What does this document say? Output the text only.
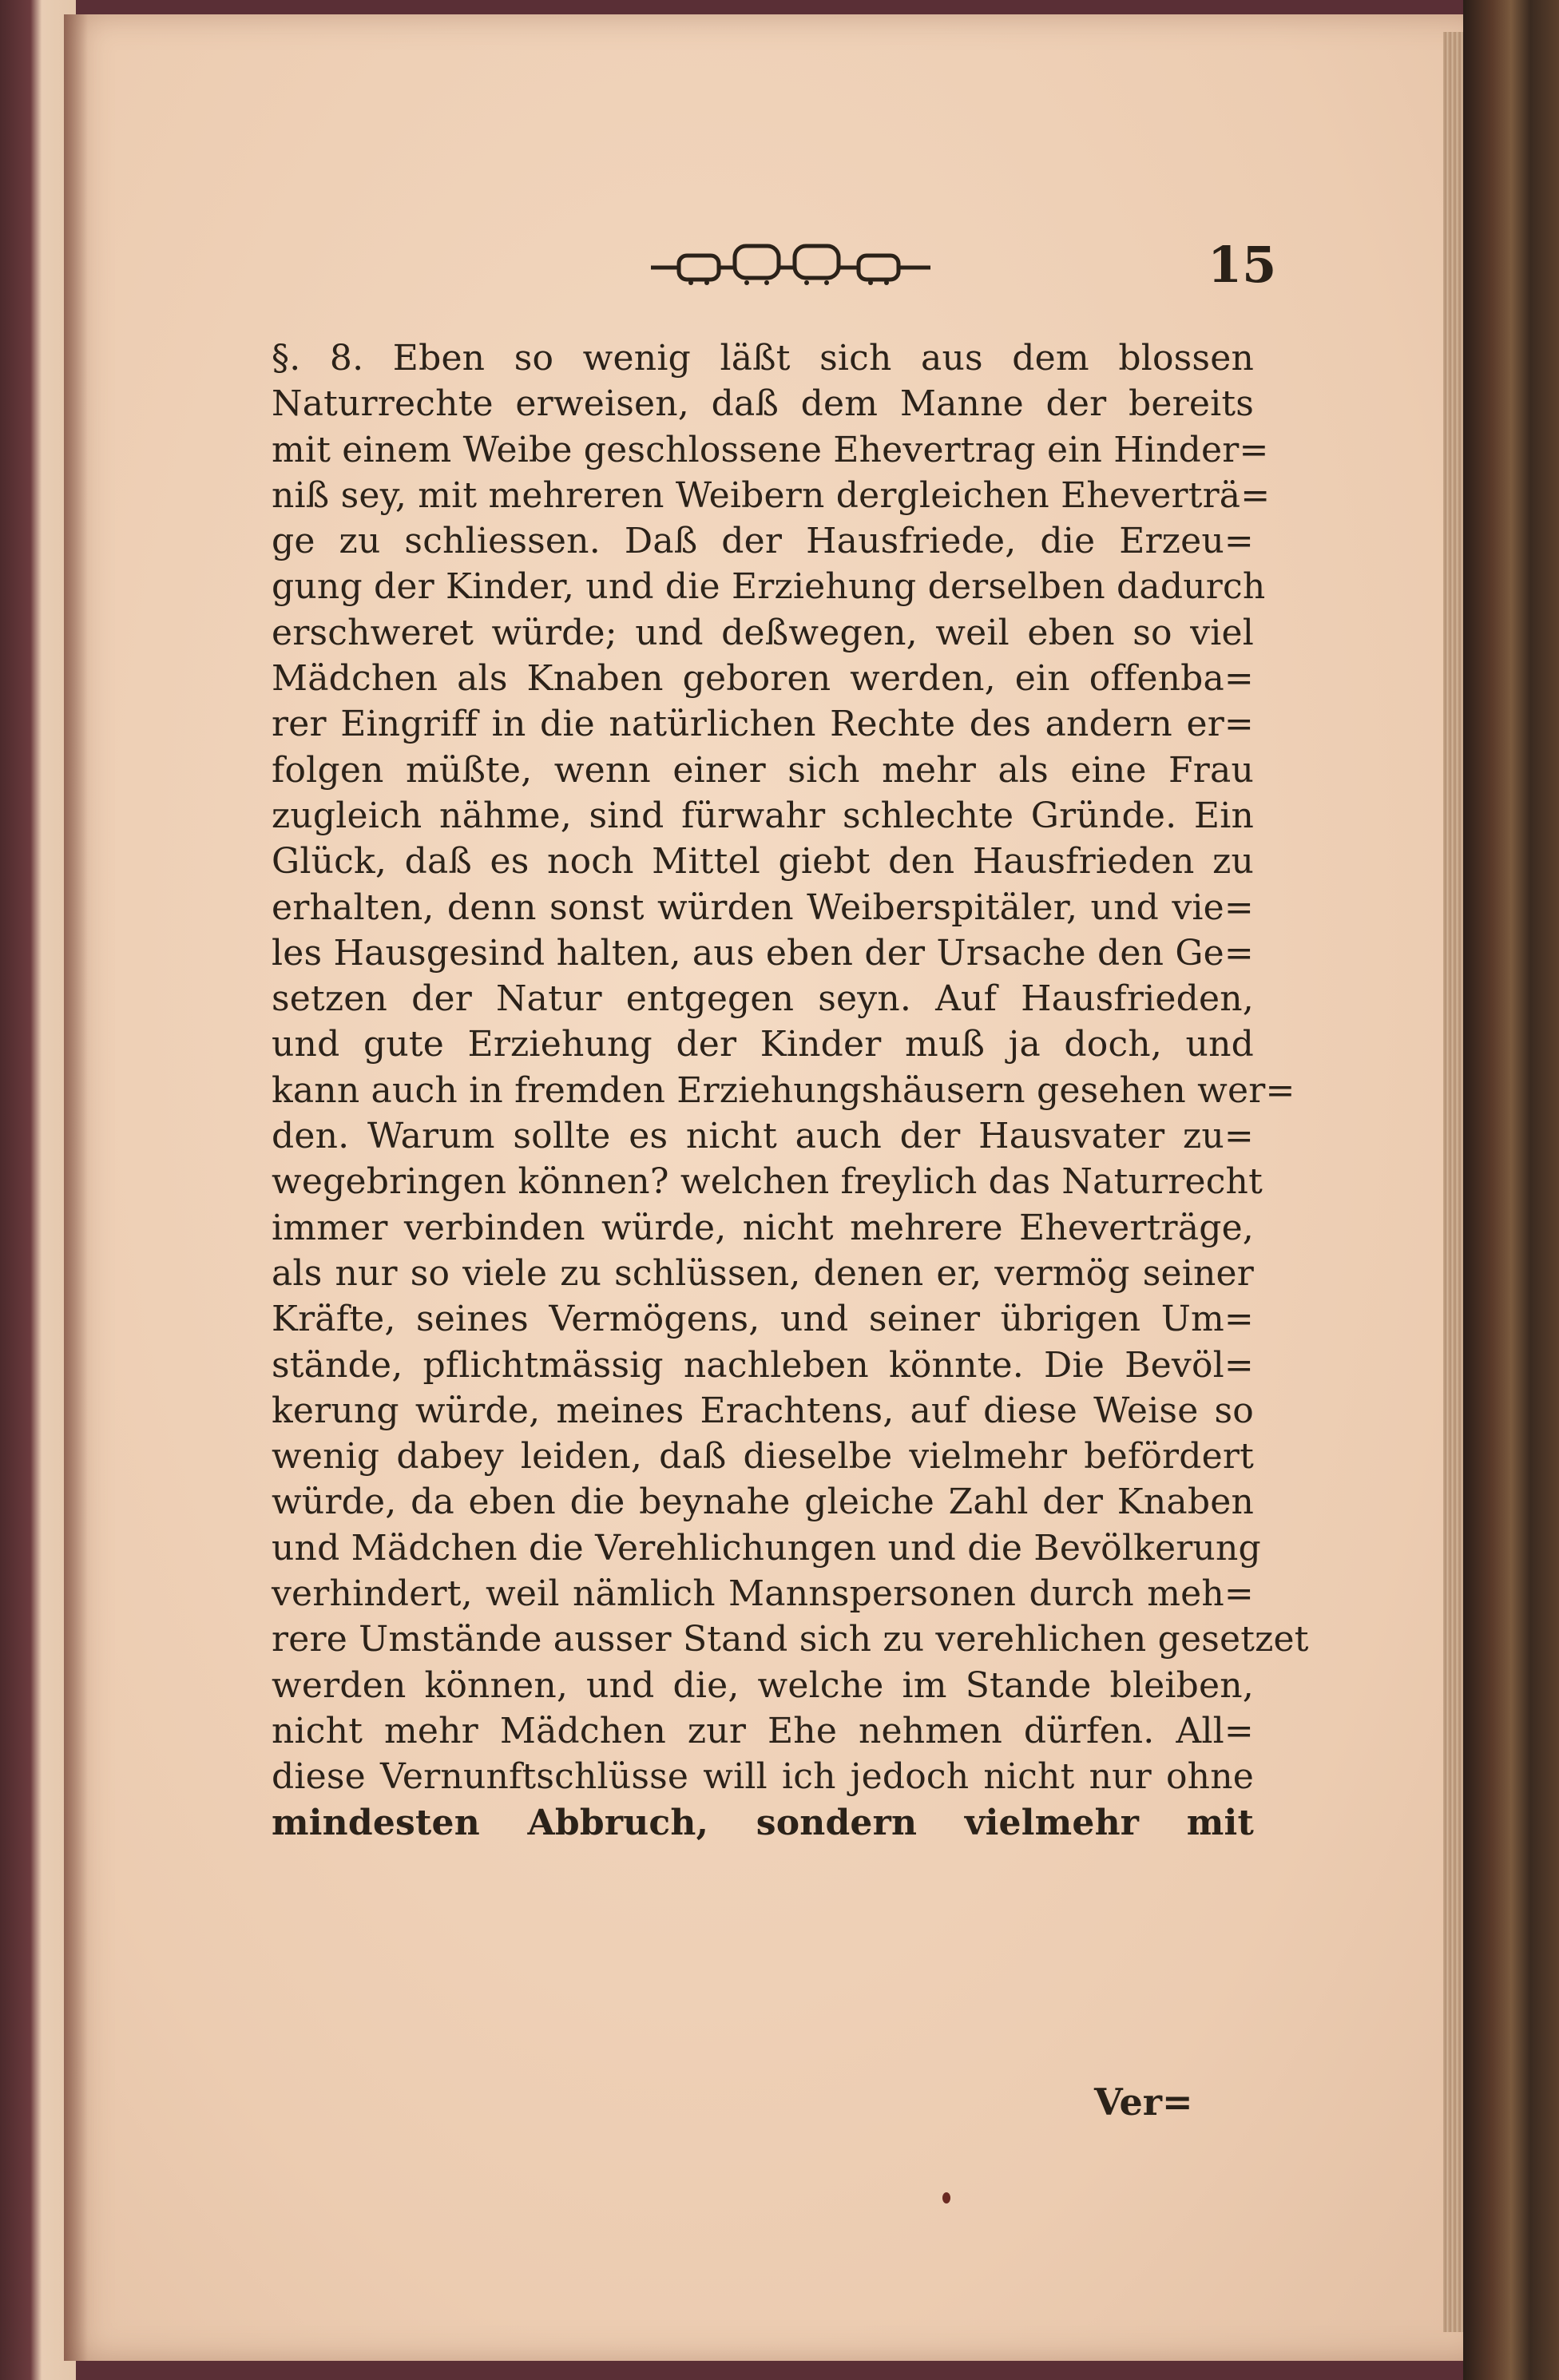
15
§. 8. Eben so wenig läßt sich aus dem blossen
Naturrechte erweisen, daß dem Manne der bereits
mit einem Weibe geschlossene Ehevertrag ein Hinder=
niß sey, mit mehreren Weibern dergleichen Eheverträ=
ge zu schliessen. Daß der Hausfriede, die Erzeu=
gung der Kinder, und die Erziehung derselben dadurch
erschweret würde; und deßwegen, weil eben so viel
Mädchen als Knaben geboren werden, ein offenba=
rer Eingriff in die natürlichen Rechte des andern er=
folgen müßte, wenn einer sich mehr als eine Frau
zugleich nähme, sind fürwahr schlechte Gründe. Ein
Glück, daß es noch Mittel giebt den Hausfrieden zu
erhalten, denn sonst würden Weiberspitäler, und vie=
les Hausgesind halten, aus eben der Ursache den Ge=
setzen der Natur entgegen seyn. Auf Hausfrieden,
und gute Erziehung der Kinder muß ja doch, und
kann auch in fremden Erziehungshäusern gesehen wer=
den. Warum sollte es nicht auch der Hausvater zu=
wegebringen können? welchen freylich das Naturrecht
immer verbinden würde, nicht mehrere Eheverträge,
als nur so viele zu schlüssen, denen er, vermög seiner
Kräfte, seines Vermögens, und seiner übrigen Um=
stände, pflichtmässig nachleben könnte. Die Bevöl=
kerung würde, meines Erachtens, auf diese Weise so
wenig dabey leiden, daß dieselbe vielmehr befördert
würde, da eben die beynahe gleiche Zahl der Knaben
und Mädchen die Verehlichungen und die Bevölkerung
verhindert, weil nämlich Mannspersonen durch meh=
rere Umstände ausser Stand sich zu verehlichen gesetzet
werden können, und die, welche im Stande bleiben,
nicht mehr Mädchen zur Ehe nehmen dürfen. All=
diese Vernunftschlüsse will ich jedoch nicht nur ohne
mindesten Abbruch, sondern vielmehr mit
Ver=
